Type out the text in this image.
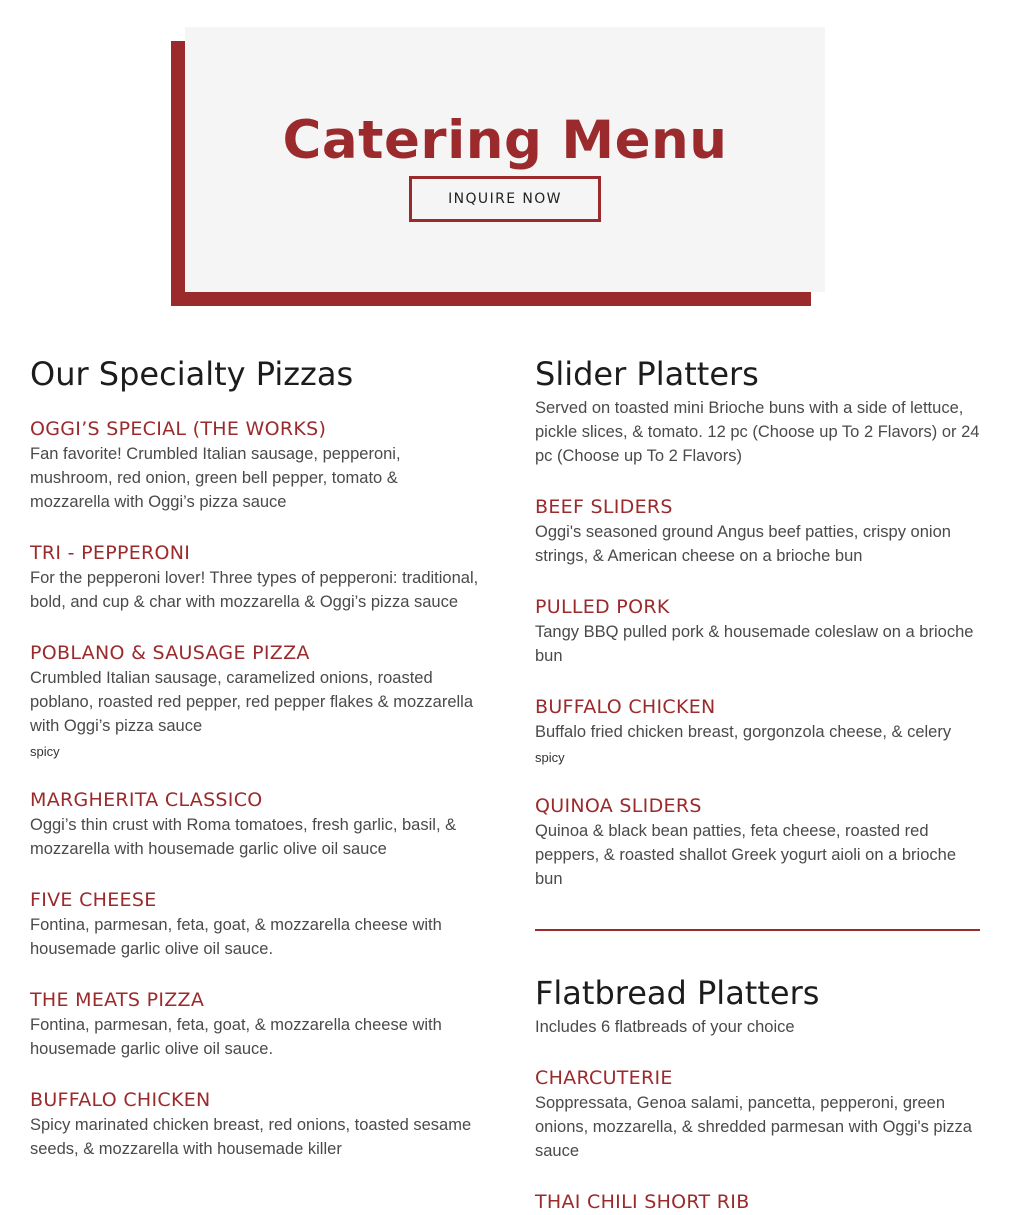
Catering Menu
INQUIRE NOW
Our Specialty Pizzas
OGGI’S SPECIAL (THE WORKS)

Fan favorite! Crumbled Italian sausage, pepperoni, mushroom, red onion, green bell pepper, tomato & mozzarella with Oggi’s pizza sauce

TRI - PEPPERONI

For the pepperoni lover! Three types of pepperoni: traditional, bold, and cup & char with mozzarella & Oggi’s pizza sauce

POBLANO & SAUSAGE PIZZA

Crumbled Italian sausage, caramelized onions, roasted poblano, roasted red pepper, red pepper flakes & mozzarella with Oggi’s pizza sauce

spicy
MARGHERITA CLASSICO

Oggi’s thin crust with Roma tomatoes, fresh garlic, basil, & mozzarella with housemade garlic olive oil sauce

FIVE CHEESE

Fontina, parmesan, feta, goat, & mozzarella cheese with housemade garlic olive oil sauce.

THE MEATS PIZZA

Fontina, parmesan, feta, goat, & mozzarella cheese with housemade garlic olive oil sauce.

BUFFALO CHICKEN

Spicy marinated chicken breast, red onions, toasted sesame seeds, & mozzarella with housemade killer

Slider Platters

Served on toasted mini Brioche buns with a side of lettuce, pickle slices, & tomato. 12 pc (Choose up To 2 Flavors) or 24 pc (Choose up To 2 Flavors)

BEEF SLIDERS

Oggi's seasoned ground Angus beef patties, crispy onion strings, & American cheese on a brioche bun

PULLED PORK

Tangy BBQ pulled pork & housemade coleslaw on a brioche bun

BUFFALO CHICKEN

Buffalo fried chicken breast, gorgonzola cheese, & celery

spicy
QUINOA SLIDERS

Quinoa & black bean patties, feta cheese, roasted red peppers, & roasted shallot Greek yogurt aioli on a brioche bun

Flatbread Platters

Includes 6 flatbreads of your choice

CHARCUTERIE

Soppressata, Genoa salami, pancetta, pepperoni, green onions, mozzarella, & shredded parmesan with Oggi's pizza sauce

THAI CHILI SHORT RIB
